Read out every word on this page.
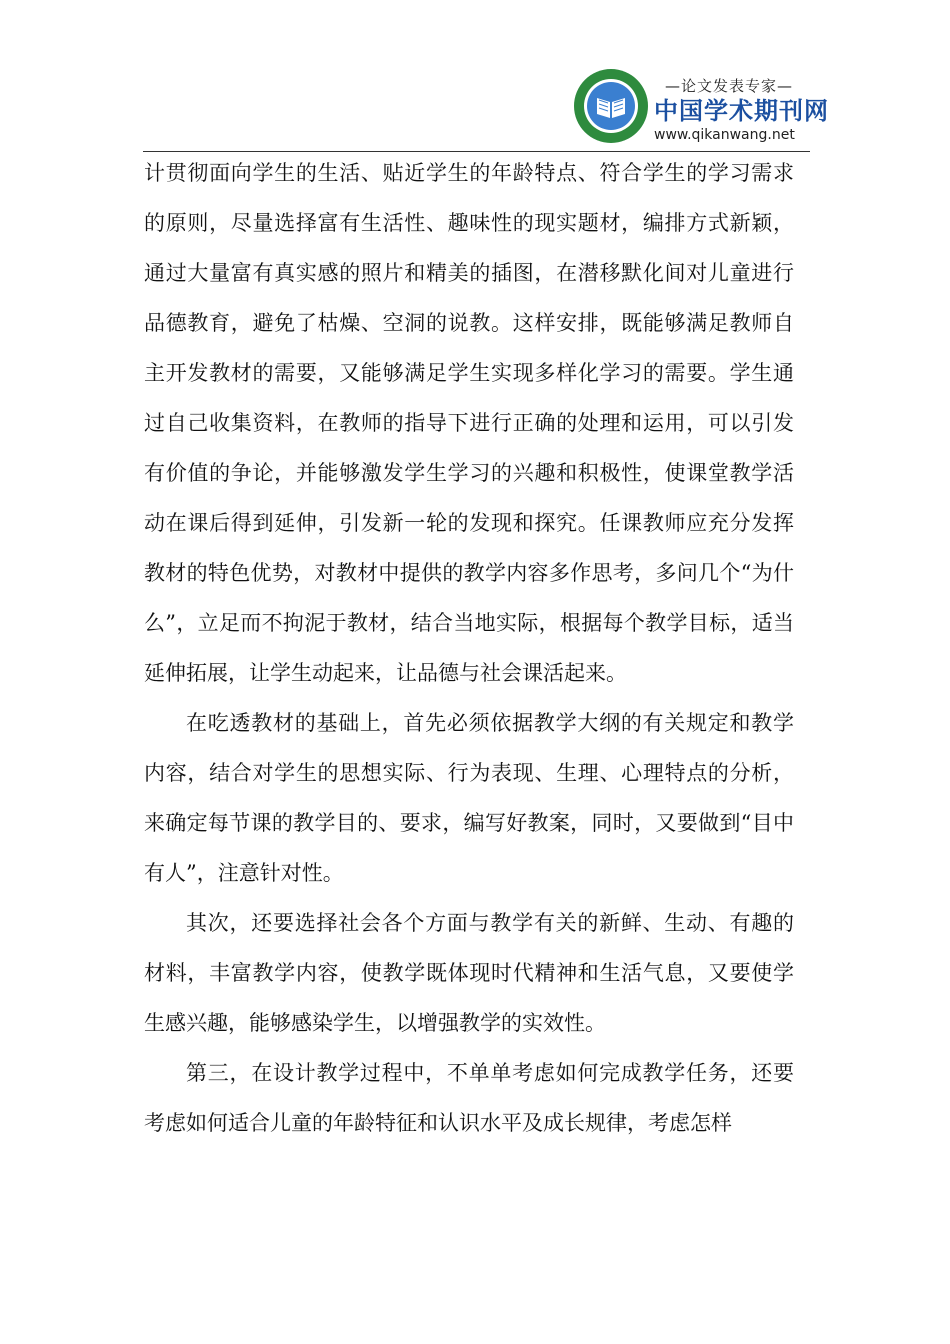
—论文发表专家—
中国学术期刊网
www.qikanwang.net

计贯彻面向学生的生活、贴近学生的年龄特点、符合学生的学习需求的原则，尽量选择富有生活性、趣味性的现实题材，编排方式新颖，通过大量富有真实感的照片和精美的插图，在潜移默化间对儿童进行品德教育，避免了枯燥、空洞的说教。这样安排，既能够满足教师自主开发教材的需要，又能够满足学生实现多样化学习的需要。学生通过自己收集资料，在教师的指导下进行正确的处理和运用，可以引发有价值的争论，并能够激发学生学习的兴趣和积极性，使课堂教学活动在课后得到延伸，引发新一轮的发现和探究。任课教师应充分发挥教材的特色优势，对教材中提供的教学内容多作思考，多问几个“为什么”，立足而不拘泥于教材，结合当地实际，根据每个教学目标，适当延伸拓展，让学生动起来，让品德与社会课活起来。

在吃透教材的基础上，首先必须依据教学大纲的有关规定和教学内容，结合对学生的思想实际、行为表现、生理、心理特点的分析，来确定每节课的教学目的、要求，编写好教案，同时，又要做到“目中有人”，注意针对性。

其次，还要选择社会各个方面与教学有关的新鲜、生动、有趣的材料，丰富教学内容，使教学既体现时代精神和生活气息，又要使学生感兴趣，能够感染学生，以增强教学的实效性。

第三，在设计教学过程中，不单单考虑如何完成教学任务，还要考虑如何适合儿童的年龄特征和认识水平及成长规律，考虑怎样
